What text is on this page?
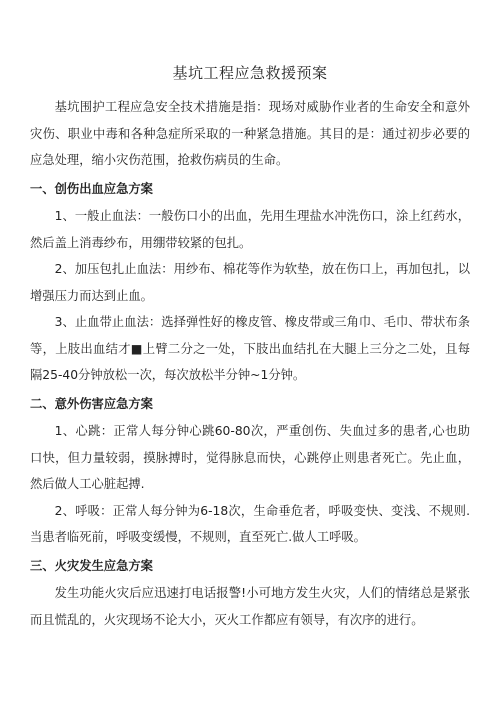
基坑工程应急救援预案

基坑围护工程应急安全技术措施是指：现场对威胁作业者的生命安全和意外灾伤、职业中毒和各种急症所采取的一种紧急措施。其目的是：通过初步必要的应急处理，缩小灾伤范围，抢救伤病员的生命。

一、创伤出血应急方案

1、一般止血法：一般伤口小的出血，先用生理盐水冲洗伤口，涂上红药水，然后盖上消毒纱布，用绷带较紧的包扎。

2、加压包扎止血法：用纱布、棉花等作为软垫，放在伤口上，再加包扎，以增强压力而达到止血。

3、止血带止血法：选择弹性好的橡皮管、橡皮带或三角巾、毛巾、带状布条等，上肢出血结才■上臂二分之一处，下肢出血结扎在大腿上三分之二处，且每隔25-40分钟放松一次，每次放松半分钟~1分钟。

二、意外伤害应急方案

1、心跳：正常人每分钟心跳60-80次，严重创伤、失血过多的患者,心也助口快，但力量较弱，摸脉搏时，觉得脉息而快，心跳停止则患者死亡。先止血，然后做人工心脏起搏.

2、呼吸：正常人每分钟为6-18次，生命垂危者，呼吸变快、变浅、不规则.当患者临死前，呼吸变缓慢，不规则，直至死亡.做人工呼吸。

三、火灾发生应急方案

发生功能火灾后应迅速打电话报警!小可地方发生火灾，人们的情绪总是紧张而且慌乱的，火灾现场不论大小，灭火工作都应有领导，有次序的进行。
